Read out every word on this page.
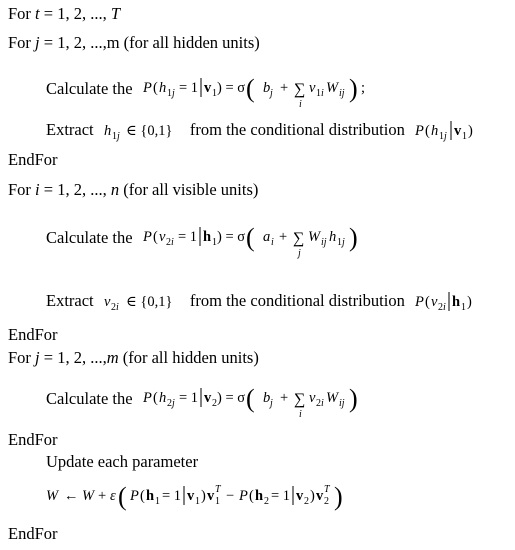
For t = 1, 2, ..., T
For j = 1, 2, ...,m (for all hidden units)
Calculate the P ( h 1 j = 1 v 1 ) = σ ( b j + ∑
i
v 1 i W ij ) ;
Extract h 1 j ∈ {0,1} from the conditional distribution P ( h 1 j v 1 )
EndFor
For i = 1, 2, ..., n (for all visible units)
Calculate the P ( v 2 i = 1 h 1 ) = σ ( a i + ∑
j
W ij h 1 j )
Extract v 2 i ∈ {0,1} from the conditional distribution P ( v 2 i h 1 )
EndFor
For j = 1, 2, ...,m (for all hidden units)
Calculate the P ( h 2 j = 1 v 2 ) = σ ( b j + ∑
i
v 2 i W ij )
EndFor
Update each parameter
W ← W + ε ( P ( h 1 = 1 v 1 ) v 1
T − P ( h 2 = 1 v 2 ) v 2
T )
EndFor
